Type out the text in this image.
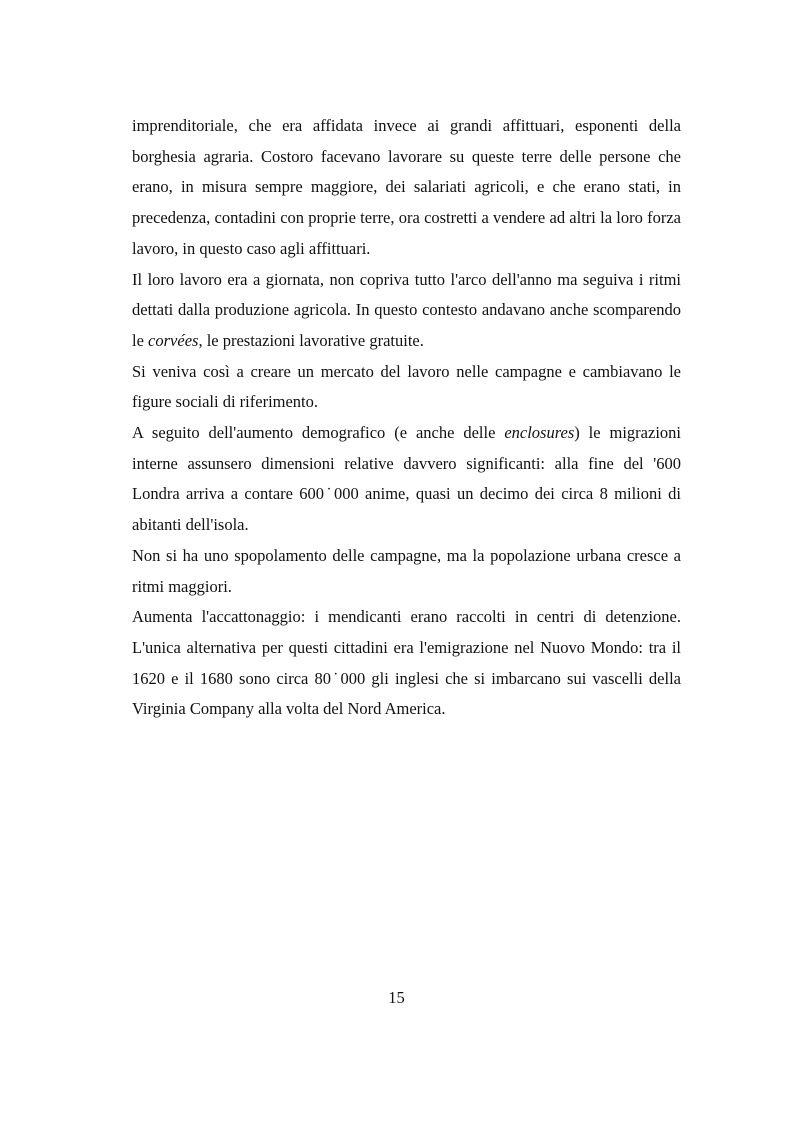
imprenditoriale, che era affidata invece ai grandi affittuari, esponenti della borghesia agraria. Costoro facevano lavorare su queste terre delle persone che erano, in misura sempre maggiore, dei salariati agricoli, e che erano stati, in precedenza, contadini con proprie terre, ora costretti a vendere ad altri la loro forza lavoro, in questo caso agli affittuari.

Il loro lavoro era a giornata, non copriva tutto l'arco dell'anno ma seguiva i ritmi dettati dalla produzione agricola. In questo contesto andavano anche scomparendo le corvées, le prestazioni lavorative gratuite.

Si veniva così a creare un mercato del lavoro nelle campagne e cambiavano le figure sociali di riferimento.

A seguito dell'aumento demografico (e anche delle enclosures) le migrazioni interne assunsero dimensioni relative davvero significanti: alla fine del '600 Londra arriva a contare 600˙000 anime, quasi un decimo dei circa 8 milioni di abitanti dell'isola.

Non si ha uno spopolamento delle campagne, ma la popolazione urbana cresce a ritmi maggiori.

Aumenta l'accattonaggio: i mendicanti erano raccolti in centri di detenzione. L'unica alternativa per questi cittadini era l'emigrazione nel Nuovo Mondo: tra il 1620 e il 1680 sono circa 80˙000 gli inglesi che si imbarcano sui vascelli della Virginia Company alla volta del Nord America.

15
